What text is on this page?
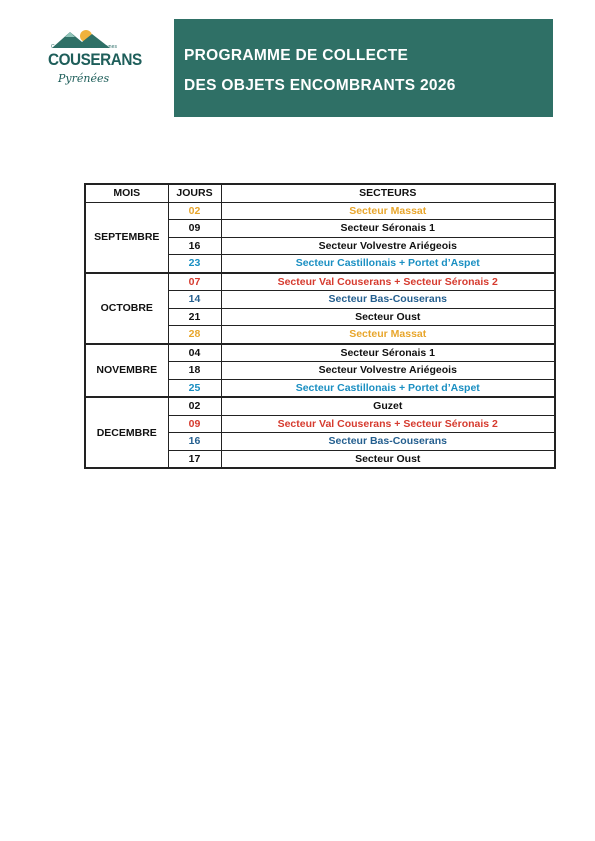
Communauté de Communes
COUSERANS
Pyrénées
PROGRAMME DE COLLECTE
DES OBJETS ENCOMBRANTS 2026
MOIS	JOURS	SECTEURS
SEPTEMBRE	02	Secteur Massat
	09	Secteur Séronais 1
	16	Secteur Volvestre Ariégeois
	23	Secteur Castillonais + Portet d’Aspet
OCTOBRE	07	Secteur Val Couserans + Secteur Séronais 2
	14	Secteur Bas-Couserans
	21	Secteur Oust
	28	Secteur Massat
NOVEMBRE	04	Secteur Séronais 1
	18	Secteur Volvestre Ariégeois
	25	Secteur Castillonais + Portet d’Aspet
DECEMBRE	02	Guzet
	09	Secteur Val Couserans + Secteur Séronais 2
	16	Secteur Bas-Couserans
	17	Secteur Oust
